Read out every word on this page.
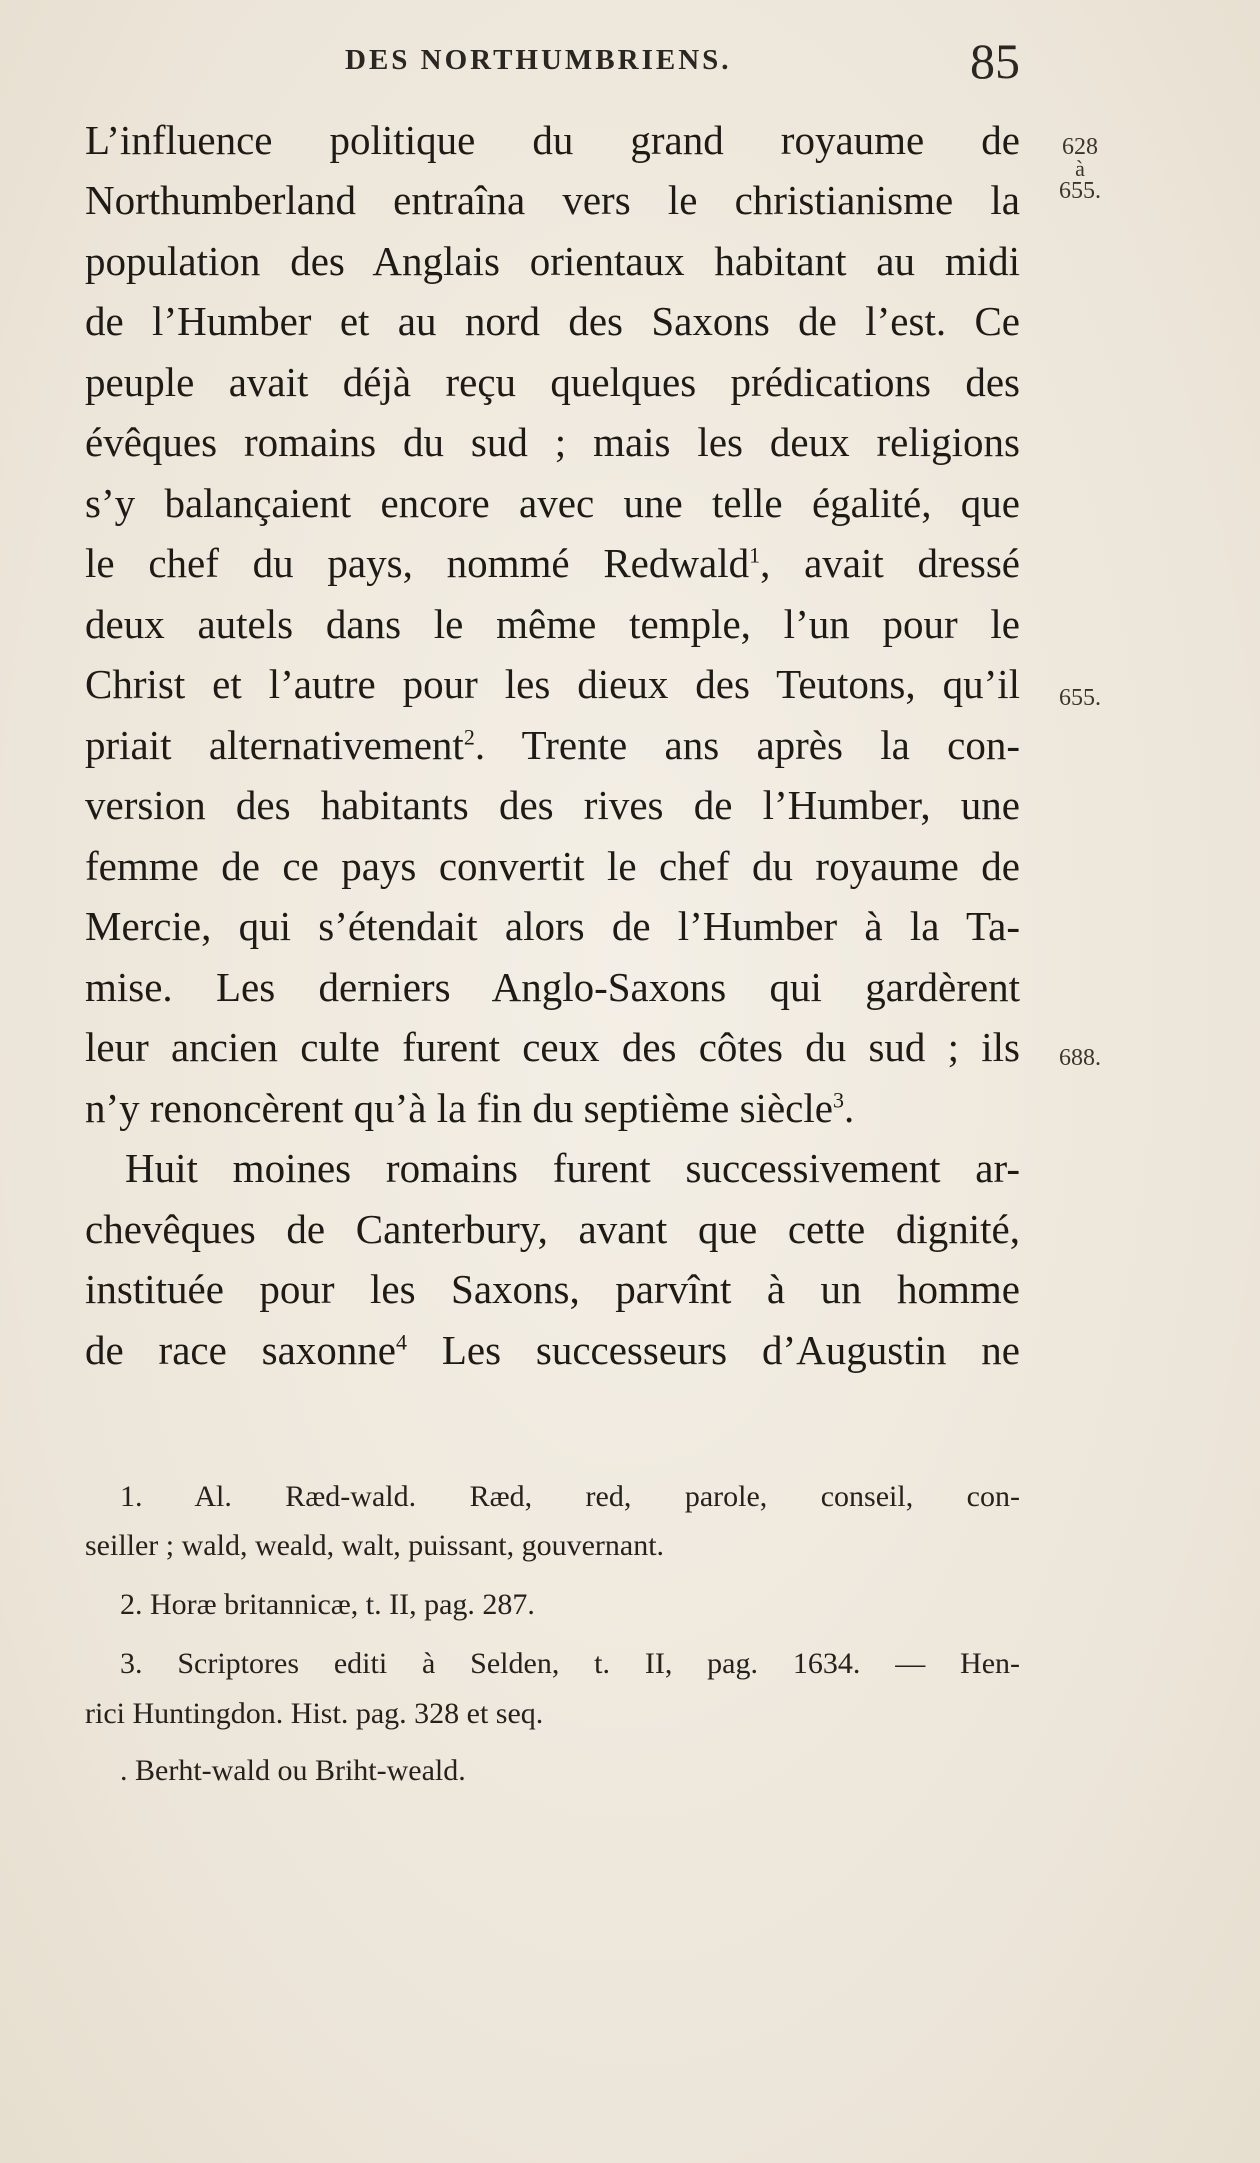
DES NORTHUMBRIENS.	85
L’influence politique du grand royaume de
Northumberland entraîna vers le christianisme la
population des Anglais orientaux habitant au midi
de l’Humber et au nord des Saxons de l’est. Ce
peuple avait déjà reçu quelques prédications des
évêques romains du sud ; mais les deux religions
s’y balançaient encore avec une telle égalité, que
le chef du pays, nommé Redwald$^1$, avait dressé
deux autels dans le même temple, l’un pour le
Christ et l’autre pour les dieux des Teutons, qu’il
priait alternativement$^2$. Trente ans après la con-
version des habitants des rives de l’Humber, une
femme de ce pays convertit le chef du royaume de
Mercie, qui s’étendait alors de l’Humber à la Ta-
mise. Les derniers Anglo-Saxons qui gardèrent
leur ancien culte furent ceux des côtes du sud ; ils
n’y renoncèrent qu’à la fin du septième siècle$^3$.
Huit moines romains furent successivement ar-
chevêques de Canterbury, avant que cette dignité,
instituée pour les Saxons, parvînt à un homme
de race saxonne$^4$ Les successeurs d’Augustin ne
628
à
655.
655.
688.
1. Al. Ræd-wald. Ræd, red, parole, conseil, con-
seiller ; wald, weald, walt, puissant, gouvernant.
2. Horæ britannicæ, t. II, pag. 287.
3. Scriptores editi à Selden, t. II, pag. 1634. — Hen-
rici Huntingdon. Hist. pag. 328 et seq.
. Berht-wald ou Briht-weald.
